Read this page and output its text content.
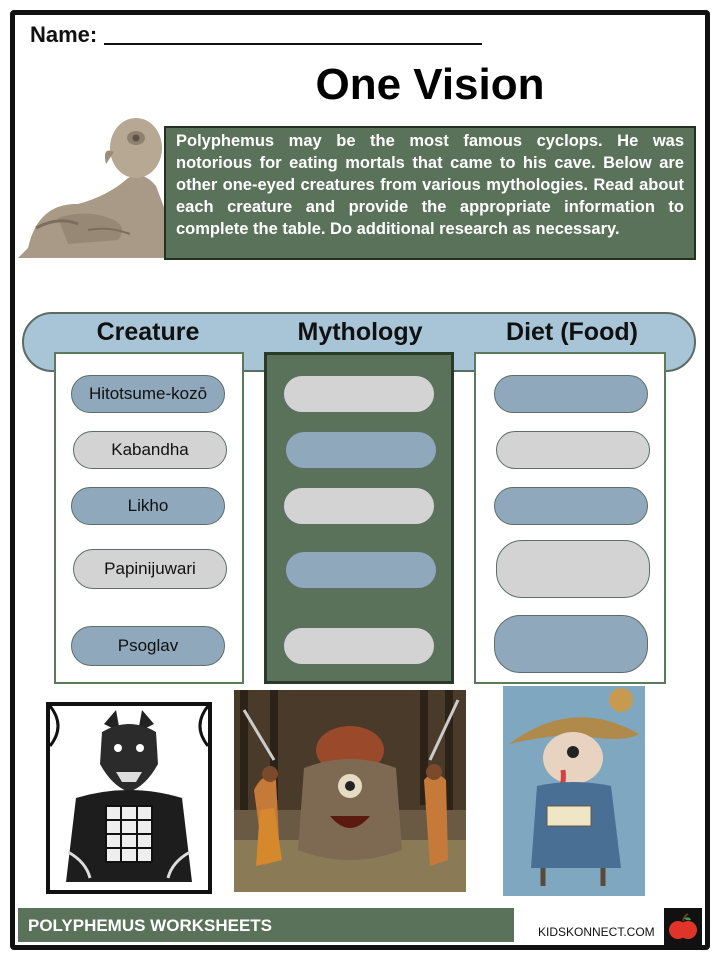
Name:
One Vision
Polyphemus may be the most famous cyclops. He was notorious for eating mortals that came to his cave. Below are other one-eyed creatures from various mythologies. Read about each creature and provide the appropriate information to complete the table. Do additional research as necessary.
Creature	Mythology	Diet (Food)
Hitotsume-kozō
Kabandha
Likho
Papinijuwari
Psoglav
POLYPHEMUS WORKSHEETS	KIDSKONNECT.COM
